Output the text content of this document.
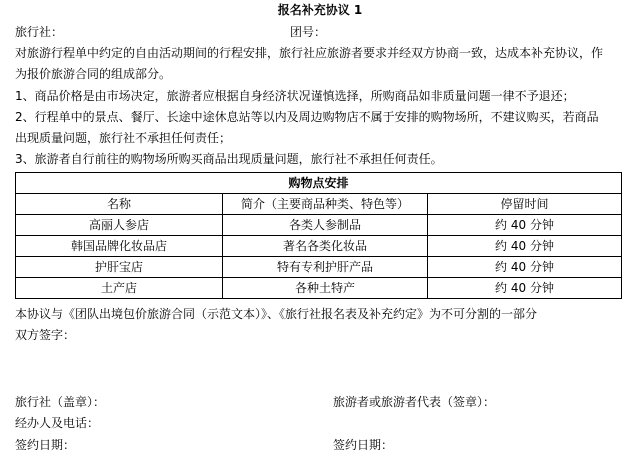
报名补充协议 1
旅行社：	团号：
对旅游行程单中约定的自由活动期间的行程安排，旅行社应旅游者要求并经双方协商一致，达成本补充协议，作
为报价旅游合同的组成部分。
1、商品价格是由市场决定，旅游者应根据自身经济状况谨慎选择，所购商品如非质量问题一律不予退还；
2、行程单中的景点、餐厅、长途中途休息站等以内及周边购物店不属于安排的购物场所，不建议购买，若商品
出现质量问题，旅行社不承担任何责任；
3、旅游者自行前往的购物场所购买商品出现质量问题，旅行社不承担任何责任。
购物点安排		
名称	简介（主要商品种类、特色等）	停留时间
高丽人参店	各类人参制品	约 40 分钟
韩国品牌化妆品店	著名各类化妆品	约 40 分钟
护肝宝店	特有专利护肝产品	约 40 分钟
土产店	各种土特产	约 40 分钟
本协议与《团队出境包价旅游合同（示范文本）》、《旅行社报名表及补充约定》为不可分割的一部分
双方签字：
旅行社（盖章）：	旅游者或旅游者代表（签章）：
经办人及电话：
签约日期：	签约日期：
